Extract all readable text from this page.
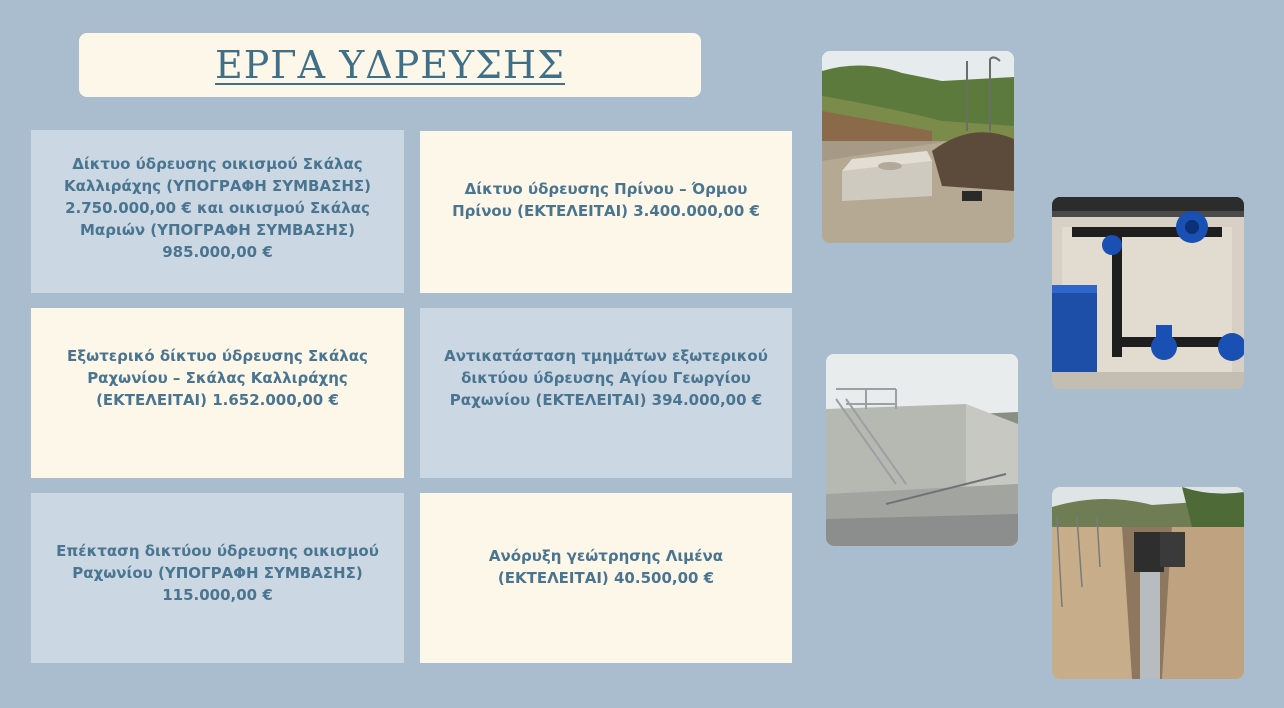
ΕΡΓΑ ΥΔΡΕΥΣΗΣ
Δίκτυο ύδρευσης οικισμού Σκάλας Καλλιράχης (ΥΠΟΓΡΑΦΗ ΣΥΜΒΑΣΗΣ) 2.750.000,00 € και οικισμού Σκάλας Μαριών (ΥΠΟΓΡΑΦΗ ΣΥΜΒΑΣΗΣ) 985.000,00 €
Δίκτυο ύδρευσης Πρίνου – Όρμου Πρίνου (ΕΚΤΕΛΕΙΤΑΙ) 3.400.000,00 €
Εξωτερικό δίκτυο ύδρευσης Σκάλας Ραχωνίου – Σκάλας Καλλιράχης (ΕΚΤΕΛΕΙΤΑΙ) 1.652.000,00 €
Αντικατάσταση τμημάτων εξωτερικού δικτύου ύδρευσης Αγίου Γεωργίου Ραχωνίου (ΕΚΤΕΛΕΙΤΑΙ) 394.000,00 €
Επέκταση δικτύου ύδρευσης οικισμού Ραχωνίου (ΥΠΟΓΡΑΦΗ ΣΥΜΒΑΣΗΣ) 115.000,00 €
Ανόρυξη γεώτρησης Λιμένα (ΕΚΤΕΛΕΙΤΑΙ) 40.500,00 €
